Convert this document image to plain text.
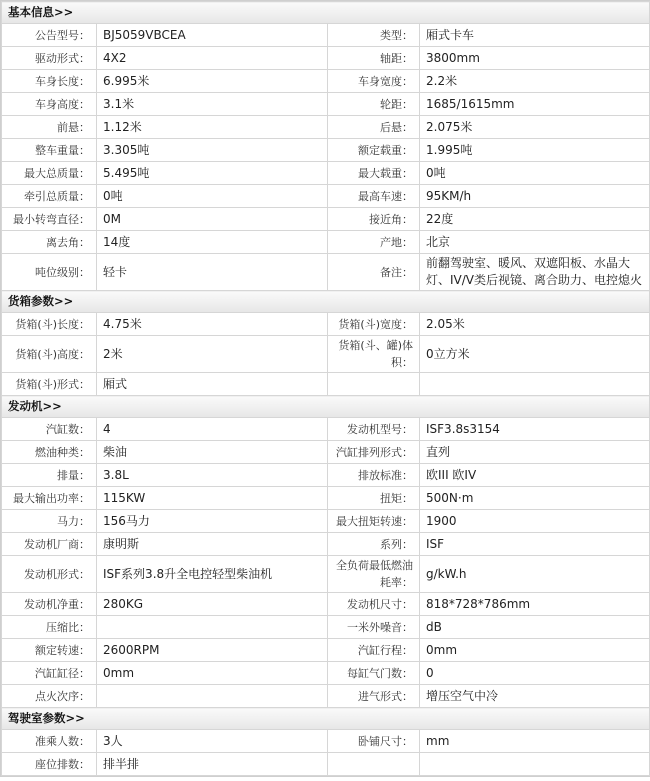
基本信息>>			
公告型号：	BJ5059VBCEA	类型：	厢式卡车
驱动形式：	4X2	轴距：	3800mm
车身长度：	6.995米	车身宽度：	2.2米
车身高度：	3.1米	轮距：	1685/1615mm
前悬：	1.12米	后悬：	2.075米
整车重量：	3.305吨	额定载重：	1.995吨
最大总质量：	5.495吨	最大载重：	0吨
牵引总质量：	0吨	最高车速：	95KM/h
最小转弯直径：	0M	接近角：	22度
离去角：	14度	产地：	北京
吨位级别：	轻卡	备注：	前翻驾驶室、暖风、双遮阳板、水晶大灯、IV/V类后视镜、离合助力、电控熄火
货箱参数>>			
货箱(斗)长度：	4.75米	货箱(斗)宽度：	2.05米
货箱(斗)高度：	2米	货箱(斗、罐)体积：	0立方米
货箱(斗)形式：	厢式		
发动机>>			
汽缸数：	4	发动机型号：	ISF3.8s3154
燃油种类：	柴油	汽缸排列形式：	直列
排量：	3.8L	排放标准：	欧III 欧IV
最大输出功率：	115KW	扭矩：	500N·m
马力：	156马力	最大扭矩转速：	1900
发动机厂商：	康明斯	系列：	ISF
发动机形式：	ISF系列3.8升全电控轻型柴油机	全负荷最低燃油耗率：	g/kW.h
发动机净重：	280KG	发动机尺寸：	818*728*786mm
压缩比：		一米外噪音：	dB
额定转速：	2600RPM	汽缸行程：	0mm
汽缸缸径：	0mm	每缸气门数：	0
点火次序：		进气形式：	增压空气中冷
驾驶室参数>>			
准乘人数：	3人	卧铺尺寸：	mm
座位排数：	排半排		
